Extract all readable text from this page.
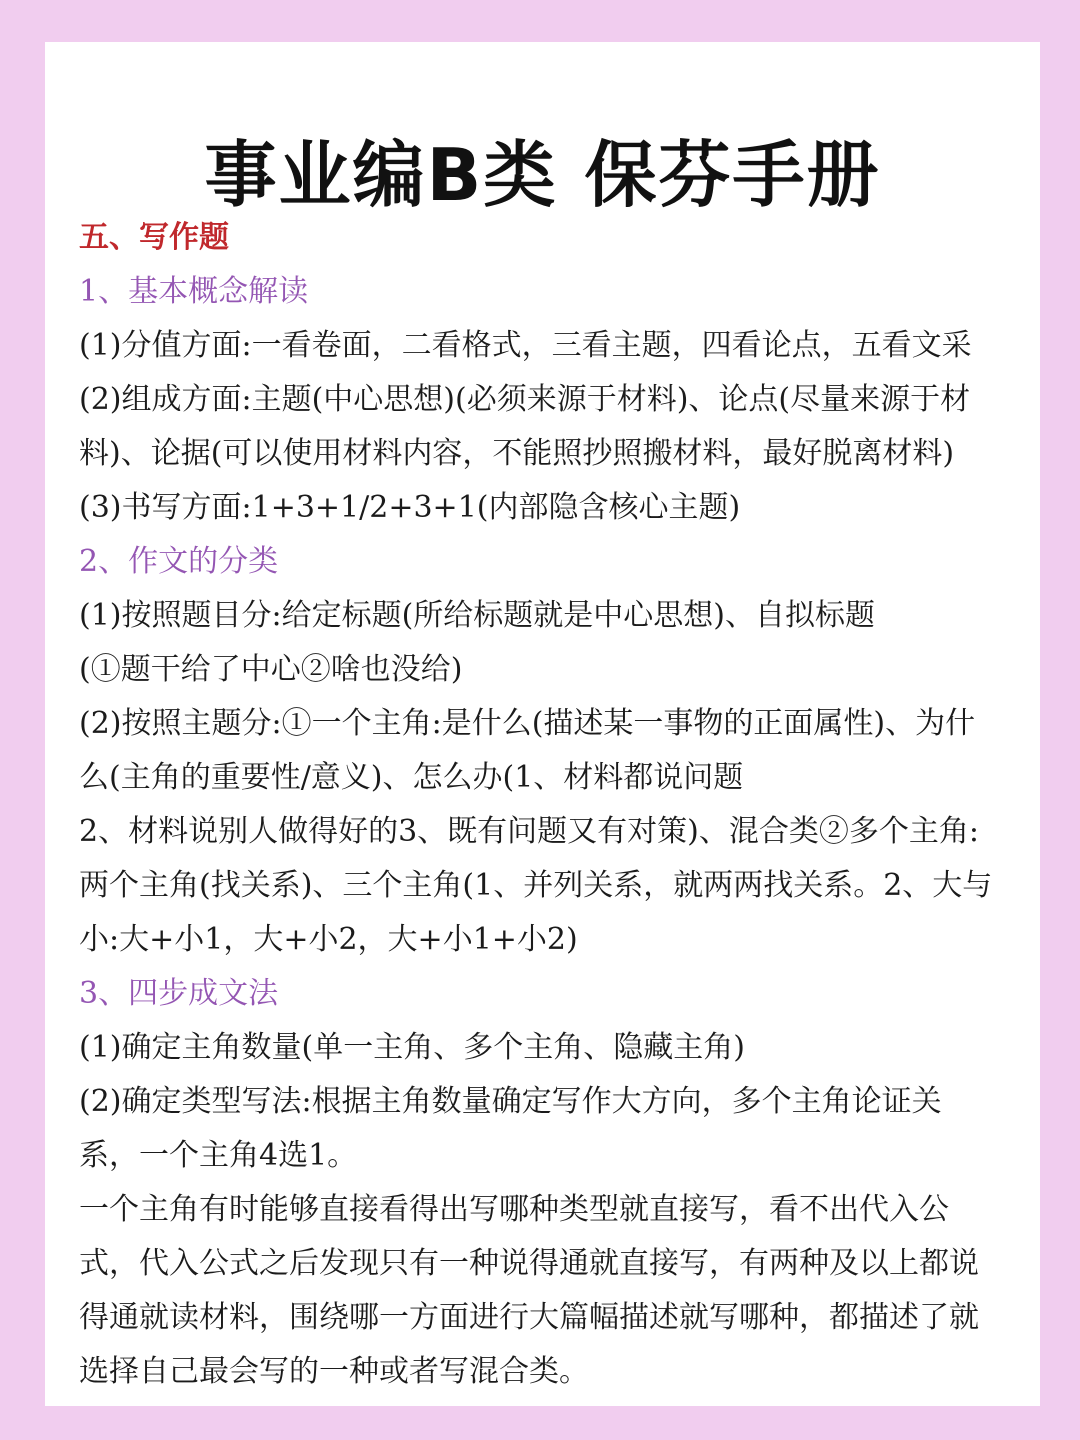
事业编B类 保芬手册
五、写作题
1、基本概念解读
(1)分值方面:一看卷面，二看格式，三看主题，四看论点，五看文采
(2)组成方面:主题(中心思想)(必须来源于材料)、论点(尽量来源于材
料)、论据(可以使用材料内容，不能照抄照搬材料，最好脱离材料)
(3)书写方面:1+3+1/2+3+1(内部隐含核心主题)
2、作文的分类
(1)按照题目分:给定标题(所给标题就是中心思想)、自拟标题
(①题干给了中心②啥也没给)
(2)按照主题分:①一个主角:是什么(描述某一事物的正面属性)、为什
么(主角的重要性/意义)、怎么办(1、材料都说问题
2、材料说别人做得好的3、既有问题又有对策)、混合类②多个主角:
两个主角(找关系)、三个主角(1、并列关系，就两两找关系。2、大与
小:大+小1，大+小2，大+小1+小2)
3、四步成文法
(1)确定主角数量(单一主角、多个主角、隐藏主角)
(2)确定类型写法:根据主角数量确定写作大方向，多个主角论证关
系，一个主角4选1。
一个主角有时能够直接看得出写哪种类型就直接写，看不出代入公
式，代入公式之后发现只有一种说得通就直接写，有两种及以上都说
得通就读材料，围绕哪一方面进行大篇幅描述就写哪种，都描述了就
选择自己最会写的一种或者写混合类。
